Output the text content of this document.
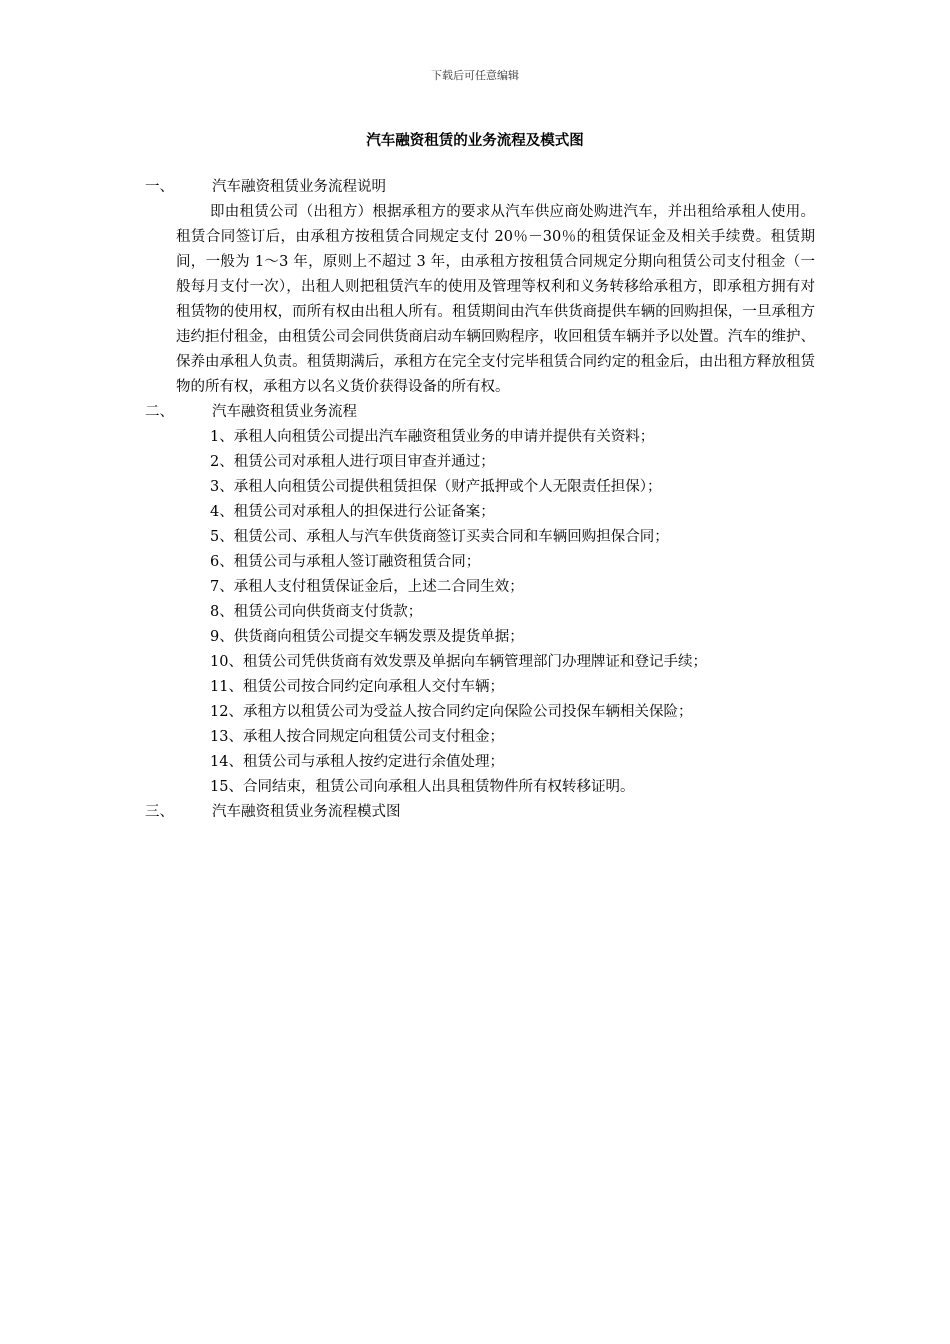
下载后可任意编辑
汽车融资租赁的业务流程及模式图
一、	汽车融资租赁业务流程说明
即由租赁公司（出租方）根据承租方的要求从汽车供应商处购进汽车，并出租给承租人使用。租赁合同签订后，由承租方按租赁合同规定支付 20％－30％的租赁保证金及相关手续费。租赁期间，一般为 1～3 年，原则上不超过 3 年，由承租方按租赁合同规定分期向租赁公司支付租金（一般每月支付一次），出租人则把租赁汽车的使用及管理等权利和义务转移给承租方，即承租方拥有对租赁物的使用权，而所有权由出租人所有。租赁期间由汽车供货商提供车辆的回购担保，一旦承租方违约拒付租金，由租赁公司会同供货商启动车辆回购程序，收回租赁车辆并予以处置。汽车的维护、保养由承租人负责。租赁期满后，承租方在完全支付完毕租赁合同约定的租金后，由出租方释放租赁物的所有权，承租方以名义货价获得设备的所有权。
二、	汽车融资租赁业务流程
1、承租人向租赁公司提出汽车融资租赁业务的申请并提供有关资料；
2、租赁公司对承租人进行项目审查并通过；
3、承租人向租赁公司提供租赁担保（财产抵押或个人无限责任担保）；
4、租赁公司对承租人的担保进行公证备案；
5、租赁公司、承租人与汽车供货商签订买卖合同和车辆回购担保合同；
6、租赁公司与承租人签订融资租赁合同；
7、承租人支付租赁保证金后，上述二合同生效；
8、租赁公司向供货商支付货款；
9、供货商向租赁公司提交车辆发票及提货单据；
10、租赁公司凭供货商有效发票及单据向车辆管理部门办理牌证和登记手续；
11、租赁公司按合同约定向承租人交付车辆；
12、承租方以租赁公司为受益人按合同约定向保险公司投保车辆相关保险；
13、承租人按合同规定向租赁公司支付租金；
14、租赁公司与承租人按约定进行余值处理；
15、合同结束，租赁公司向承租人出具租赁物件所有权转移证明。
三、	汽车融资租赁业务流程模式图
